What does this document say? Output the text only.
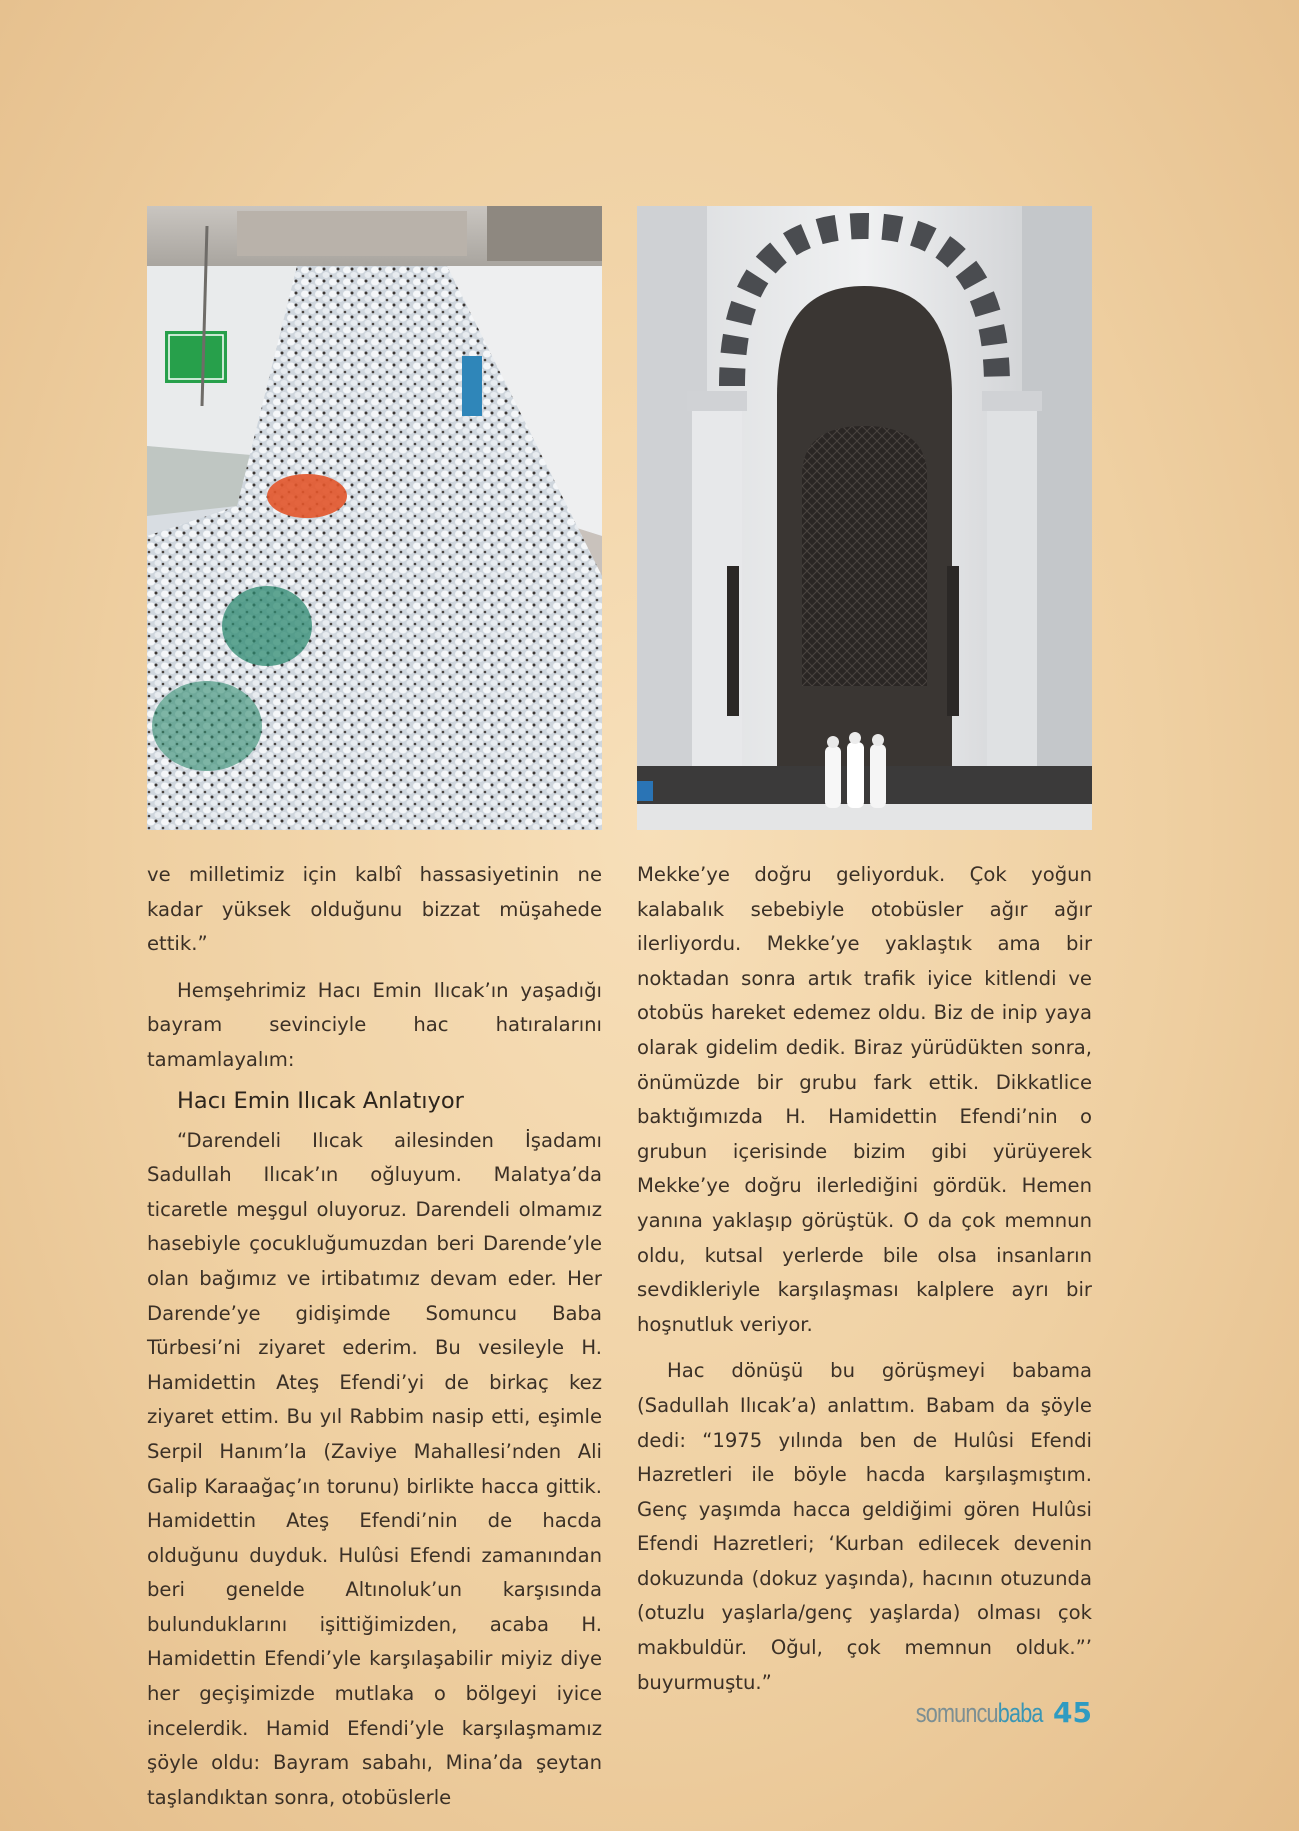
ve milletimiz için kalbî hassasiyetinin ne kadar yüksek olduğunu bizzat müşahede ettik.”

Hemşehrimiz Hacı Emin Ilıcak’ın yaşadığı bayram sevinciyle hac hatıralarını tamamlayalım:

Hacı Emin Ilıcak Anlatıyor

“Darendeli Ilıcak ailesinden İşadamı Sadullah Ilıcak’ın oğluyum. Malatya’da ticaretle meşgul oluyoruz. Darendeli olmamız hasebiyle çocukluğumuzdan beri Darende’yle olan bağımız ve irtibatımız devam eder. Her Darende’ye gidişimde Somuncu Baba Türbesi’ni ziyaret ederim. Bu vesileyle H. Hamidettin Ateş Efendi’yi de birkaç kez ziyaret ettim. Bu yıl Rabbim nasip etti, eşimle Serpil Hanım’la (Zaviye Mahallesi’nden Ali Galip Karaağaç’ın torunu) birlikte hacca gittik. Hamidettin Ateş Efendi’nin de hacda olduğunu duyduk. Hulûsi Efendi zamanından beri genelde Altınoluk’un karşısında bulunduklarını işittiğimizden, acaba H. Hamidettin Efendi’yle karşılaşabilir miyiz diye her geçişimizde mutlaka o bölgeyi iyice incelerdik. Hamid Efendi’yle karşılaşmamız şöyle oldu: Bayram sabahı, Mina’da şeytan taşlandıktan sonra, otobüslerle

Mekke’ye doğru geliyorduk. Çok yoğun kalabalık sebebiyle otobüsler ağır ağır ilerliyordu. Mekke’ye yaklaştık ama bir noktadan sonra artık trafik iyice kitlendi ve otobüs hareket edemez oldu. Biz de inip yaya olarak gidelim dedik. Biraz yürüdükten sonra, önümüzde bir grubu fark ettik. Dikkatlice baktığımızda H. Hamidettin Efendi’nin o grubun içerisinde bizim gibi yürüyerek Mekke’ye doğru ilerlediğini gördük. Hemen yanına yaklaşıp görüştük. O da çok memnun oldu, kutsal yerlerde bile olsa insanların sevdikleriyle karşılaşması kalplere ayrı bir hoşnutluk veriyor.

Hac dönüşü bu görüşmeyi babama (Sadullah Ilıcak’a) anlattım. Babam da şöyle dedi: “1975 yılında ben de Hulûsi Efendi Hazretleri ile böyle hacda karşılaşmıştım. Genç yaşımda hacca geldiğimi gören Hulûsi Efendi Hazretleri; ‘Kurban edilecek devenin dokuzunda (dokuz yaşında), hacının otuzunda (otuzlu yaşlarla/genç yaşlarda) olması çok makbuldür. Oğul, çok memnun olduk.”’ buyurmuştu.”

somuncubaba 45
